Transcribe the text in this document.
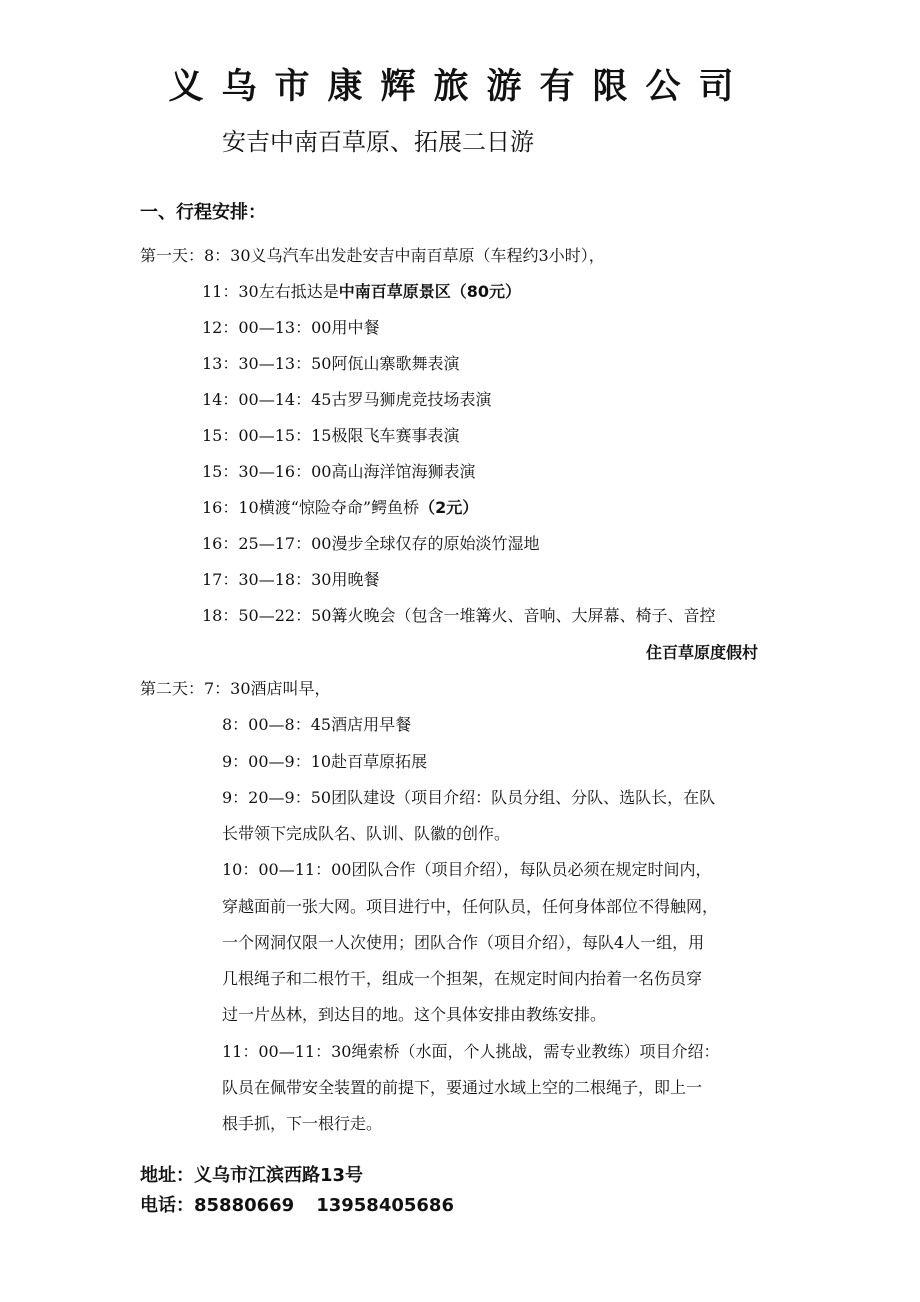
义乌市康辉旅游有限公司
安吉中南百草原、拓展二日游
一、行程安排：
第一天：8：30义乌汽车出发赴安吉中南百草原（车程约3小时），
11：30左右抵达是中南百草原景区（80元）
12：00—13：00用中餐
13：30—13：50阿佤山寨歌舞表演
14：00—14：45古罗马狮虎竞技场表演
15：00—15：15极限飞车赛事表演
15：30—16：00高山海洋馆海狮表演
16：10横渡“惊险夺命”鳄鱼桥（2元）
16：25—17：00漫步全球仅存的原始淡竹湿地
17：30—18：30用晚餐
18：50—22：50篝火晚会（包含一堆篝火、音响、大屏幕、椅子、音控
住百草原度假村
第二天：7：30酒店叫早，
8：00—8：45酒店用早餐
9：00—9：10赴百草原拓展
9：20—9：50团队建设（项目介绍：队员分组、分队、选队长，在队
长带领下完成队名、队训、队徽的创作。
10：00—11：00团队合作（项目介绍），每队员必须在规定时间内，
穿越面前一张大网。项目进行中，任何队员，任何身体部位不得触网，
一个网洞仅限一人次使用；团队合作（项目介绍），每队4人一组，用
几根绳子和二根竹干，组成一个担架，在规定时间内抬着一名伤员穿
过一片丛林，到达目的地。这个具体安排由教练安排。
11：00—11：30绳索桥（水面，个人挑战，需专业教练）项目介绍：
队员在佩带安全装置的前提下，要通过水域上空的二根绳子，即上一
根手抓，下一根行走。
地址：义乌市江滨西路13号
电话：85880669 13958405686
